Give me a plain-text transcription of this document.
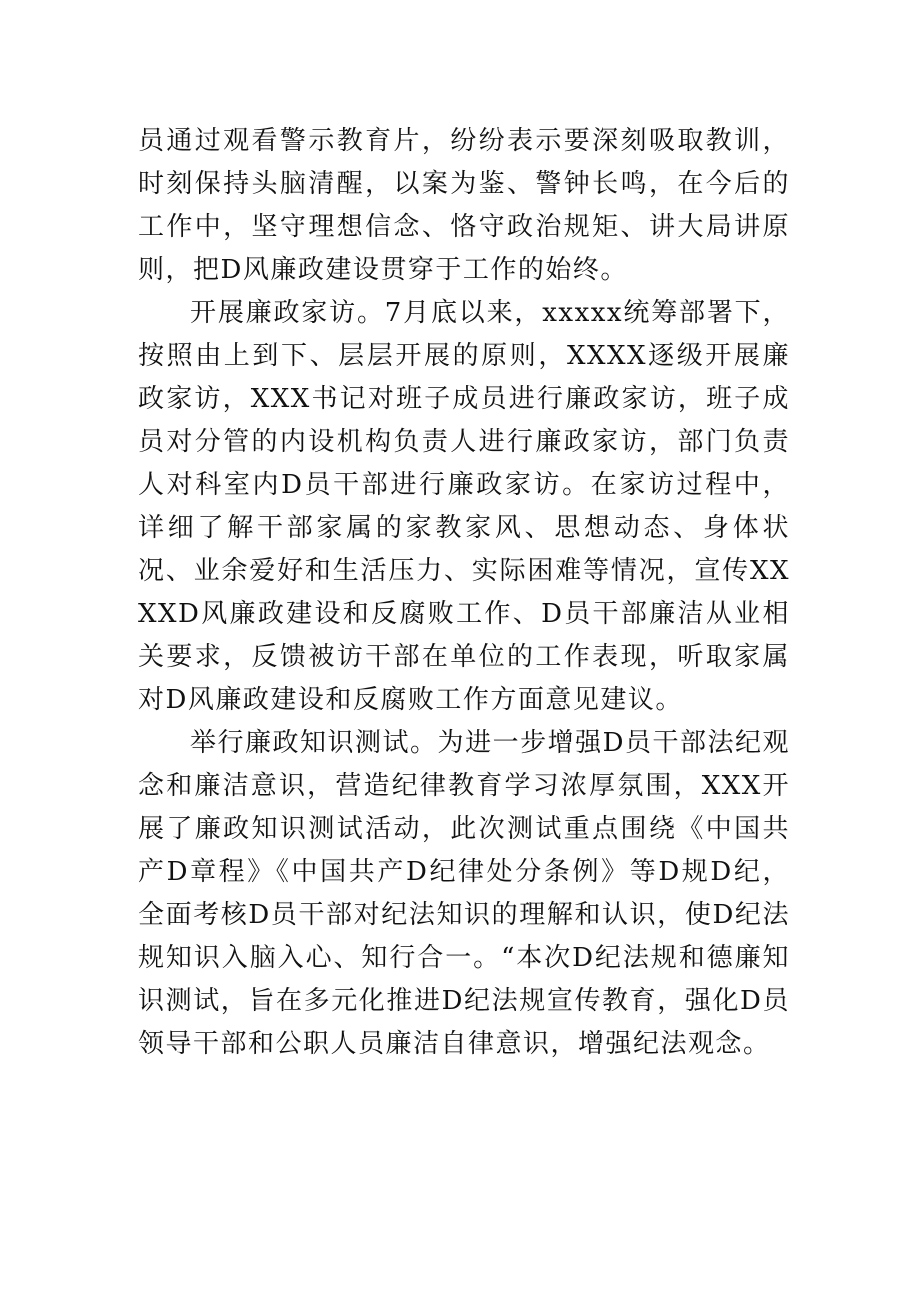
员通过观看警示教育片，纷纷表示要深刻吸取教训，时刻保持头脑清醒，以案为鉴、警钟长鸣，在今后的工作中，坚守理想信念、恪守政治规矩、讲大局讲原则，把D风廉政建设贯穿于工作的始终。

开展廉政家访。7月底以来，xxxxx统筹部署下，按照由上到下、层层开展的原则，XXXX逐级开展廉政家访，XXX书记对班子成员进行廉政家访，班子成员对分管的内设机构负责人进行廉政家访，部门负责人对科室内D员干部进行廉政家访。在家访过程中，详细了解干部家属的家教家风、思想动态、身体状况、业余爱好和生活压力、实际困难等情况，宣传XXXXD风廉政建设和反腐败工作、D员干部廉洁从业相关要求，反馈被访干部在单位的工作表现，听取家属对D风廉政建设和反腐败工作方面意见建议。

举行廉政知识测试。为进一步增强D员干部法纪观念和廉洁意识，营造纪律教育学习浓厚氛围，XXX开展了廉政知识测试活动，此次测试重点围绕《中国共产D章程》《中国共产D纪律处分条例》等D规D纪，全面考核D员干部对纪法知识的理解和认识，使D纪法规知识入脑入心、知行合一。“本次D纪法规和德廉知识测试，旨在多元化推进D纪法规宣传教育，强化D员领导干部和公职人员廉洁自律意识，增强纪法观念。
